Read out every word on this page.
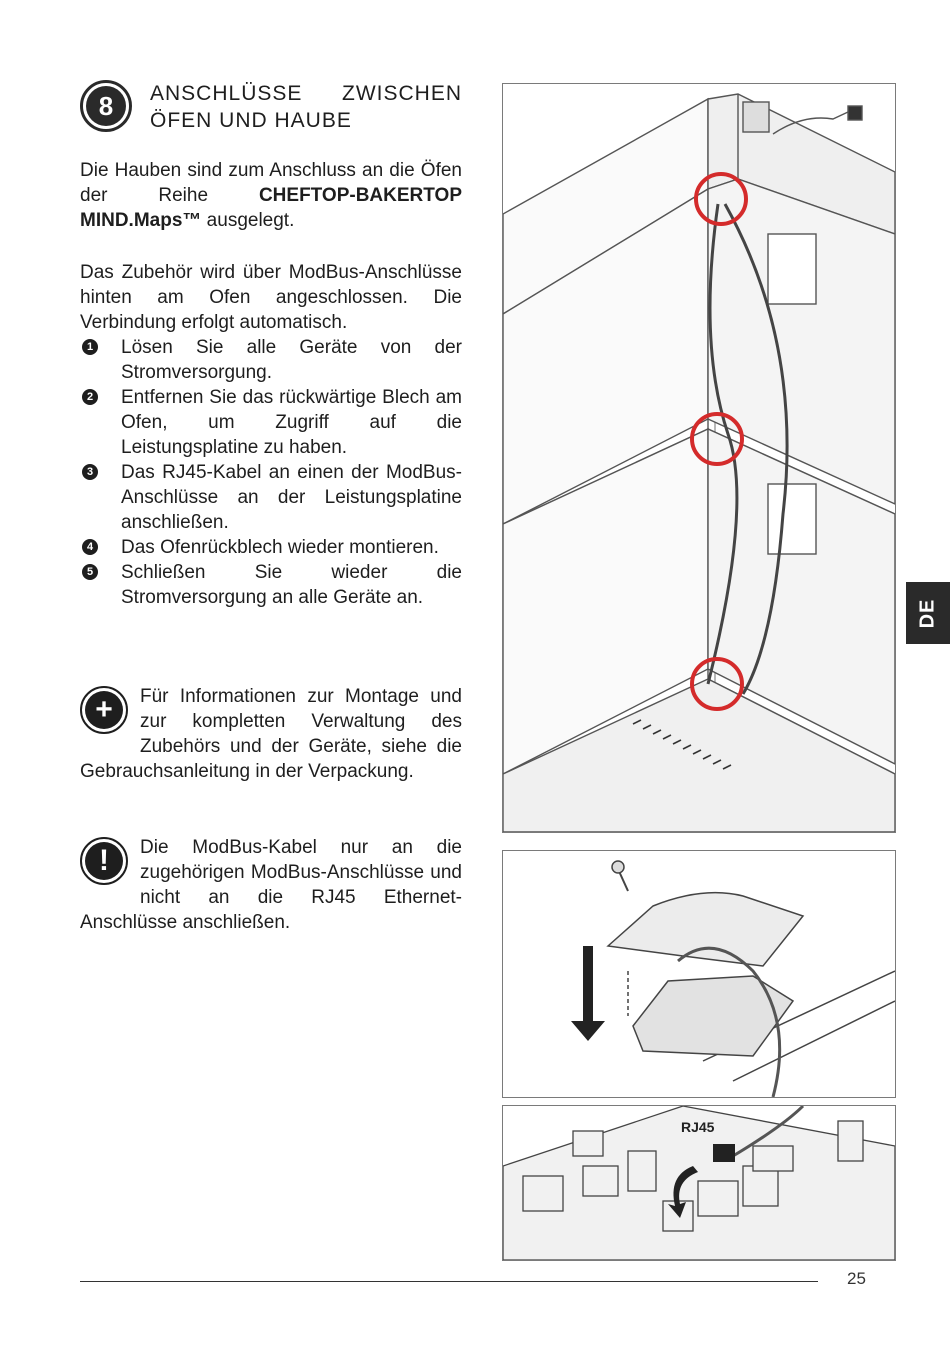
8	ANSCHLÜSSE ZWISCHEN ÖFEN UND HAUBE

Die Hauben sind zum Anschluss an die Öfen der Reihe CHEFTOP-BAKERTOP MIND.Maps™ ausgelegt.

Das Zubehör wird über ModBus-Anschlüsse hinten am Ofen angeschlossen. Die Verbindung erfolgt automatisch.

1 Lösen Sie alle Geräte von der Stromversorgung.
2 Entfernen Sie das rückwärtige Blech am Ofen, um Zugriff auf die Leistungsplatine zu haben.
3 Das RJ45-Kabel an einen der ModBus-Anschlüsse an der Leistungsplatine anschließen.
4 Das Ofenrückblech wieder montieren.
5 Schließen Sie wieder die Stromversorgung an alle Geräte an.
+	Für Informationen zur Montage und zur kompletten Verwaltung des Zubehörs und der Geräte, siehe die Gebrauchsanleitung in der Verpackung.
!	Die ModBus-Kabel nur an die zugehörigen ModBus-Anschlüsse und nicht an die RJ45 Ethernet-Anschlüsse anschließen.
RJ45
DE
25
